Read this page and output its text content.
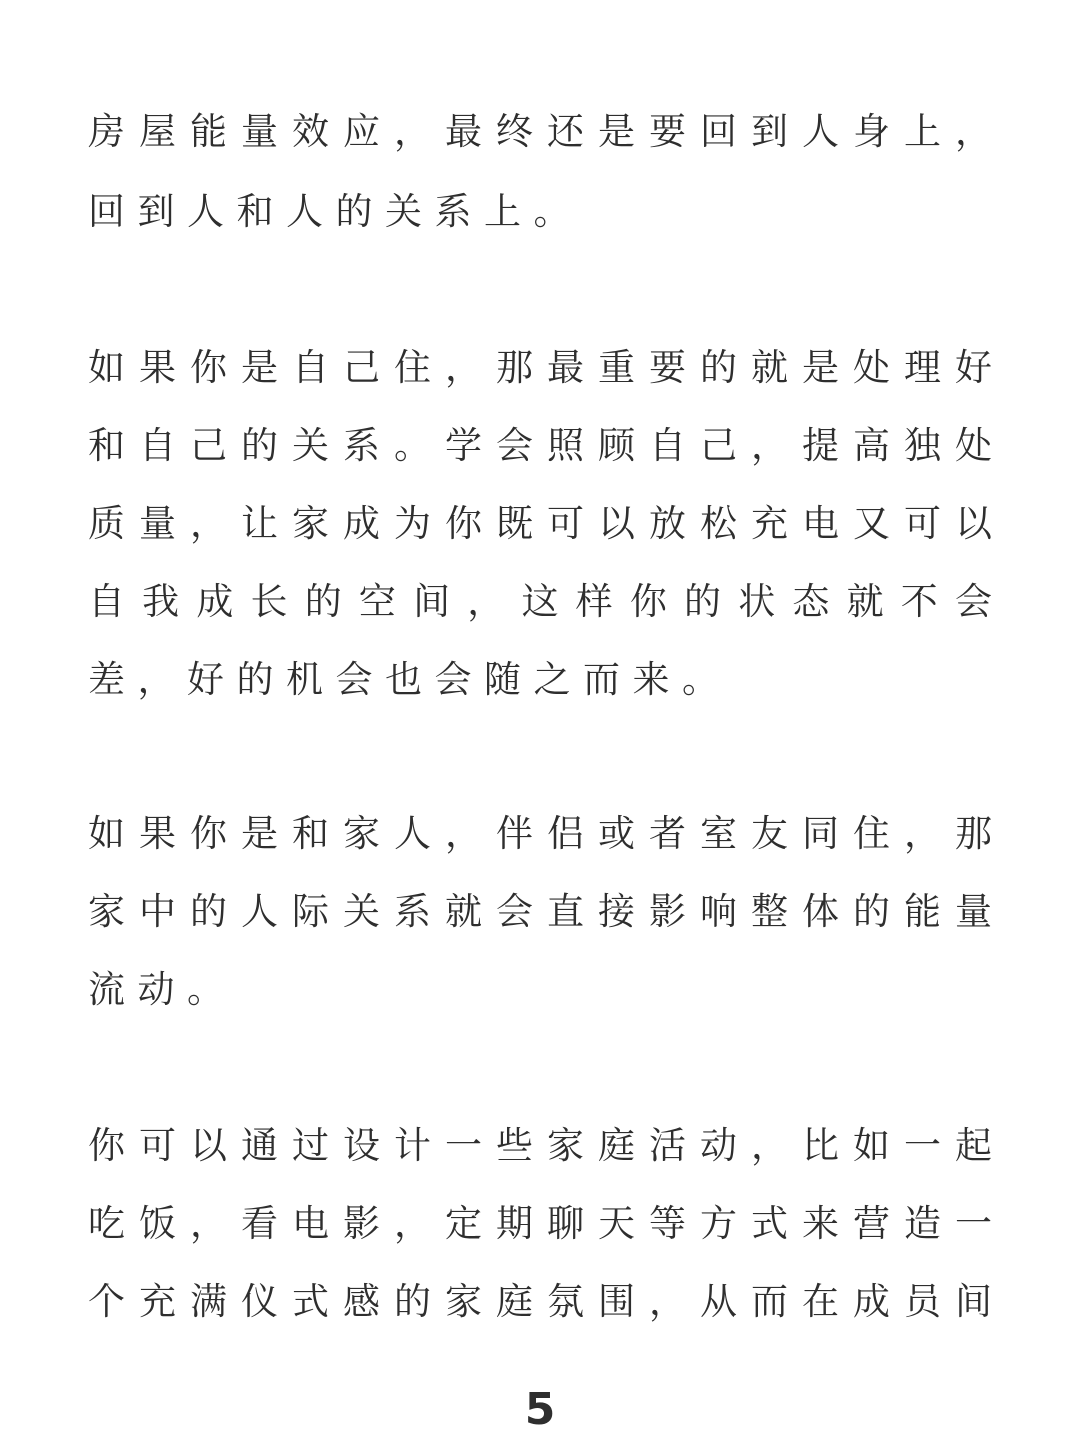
房屋能量效应，最终还是要回到人身上，
回到人和人的关系上。
如果你是自己住，那最重要的就是处理好
和自己的关系。学会照顾自己，提高独处
质量，让家成为你既可以放松充电又可以
自我成长的空间，这样你的状态就不会
差，好的机会也会随之而来。
如果你是和家人，伴侣或者室友同住，那
家中的人际关系就会直接影响整体的能量
流动。
你可以通过设计一些家庭活动，比如一起
吃饭，看电影，定期聊天等方式来营造一
个充满仪式感的家庭氛围，从而在成员间
5
